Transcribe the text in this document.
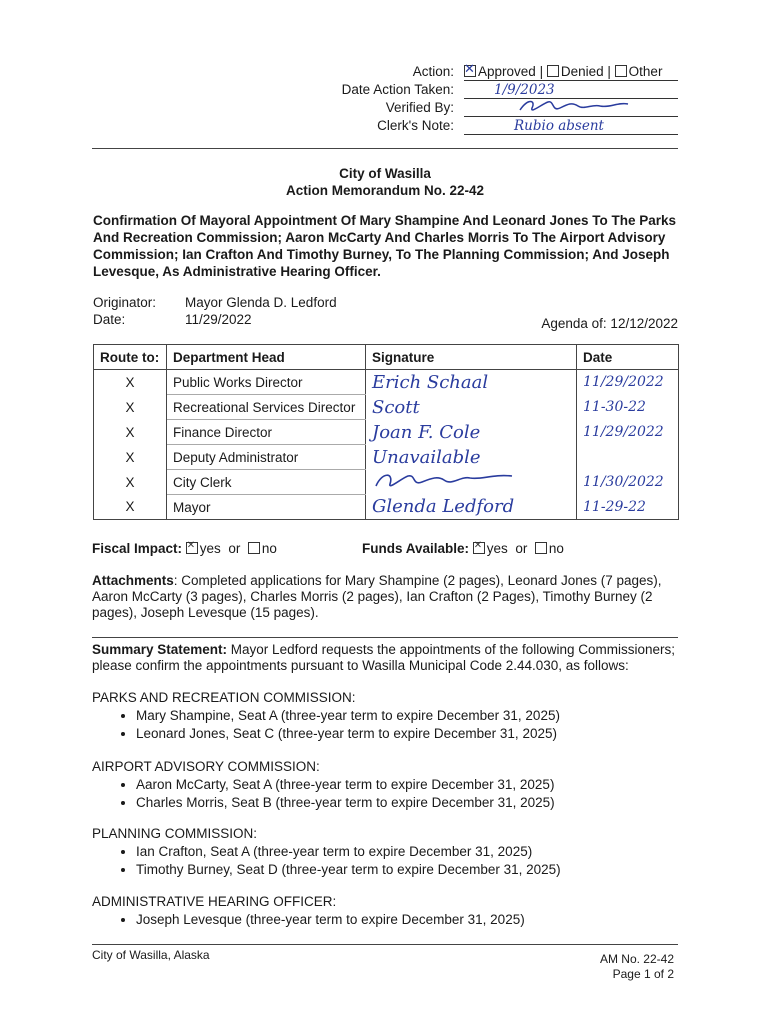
Action: ✕	Approved | Denied | Other
Date Action Taken:	1/9/2023
Verified By:
Clerk's Note:	Rubio absent
City of Wasilla
Action Memorandum No. 22-42
Confirmation Of Mayoral Appointment Of Mary Shampine And Leonard Jones To The Parks And Recreation Commission; Aaron McCarty And Charles Morris To The Airport Advisory Commission; Ian Crafton And Timothy Burney, To The Planning Commission; And Joseph Levesque, As Administrative Hearing Officer.
Originator: Mayor Glenda D. Ledford
Date:	11/29/2022	Agenda of: 12/12/2022
Route to:	Department Head	Signature	Date
X	Public Works Director	Erich Schaal	11/29/2022
X	Recreational Services Director	Scott	11-30-22
X	Finance Director	Joan F. Cole	11/29/2022
X	Deputy Administrator	Unavailable	
X	City Clerk		11/30/2022
X	Mayor	Glenda Ledford	11-29-22
Fiscal Impact: ✕ yes or no	Funds Available: ✕ yes or no
Attachments: Completed applications for Mary Shampine (2 pages), Leonard Jones (7 pages), Aaron McCarty (3 pages), Charles Morris (2 pages), Ian Crafton (2 Pages), Timothy Burney (2 pages), Joseph Levesque (15 pages).
Summary Statement: Mayor Ledford requests the appointments of the following Commissioners; please confirm the appointments pursuant to Wasilla Municipal Code 2.44.030, as follows:
PARKS AND RECREATION COMMISSION:
• Mary Shampine, Seat A (three-year term to expire December 31, 2025)
• Leonard Jones, Seat C (three-year term to expire December 31, 2025)
AIRPORT ADVISORY COMMISSION:
• Aaron McCarty, Seat A (three-year term to expire December 31, 2025)
• Charles Morris, Seat B (three-year term to expire December 31, 2025)
PLANNING COMMISSION:
• Ian Crafton, Seat A (three-year term to expire December 31, 2025)
• Timothy Burney, Seat D (three-year term to expire December 31, 2025)
ADMINISTRATIVE HEARING OFFICER:
• Joseph Levesque (three-year term to expire December 31, 2025)
City of Wasilla, Alaska	AM No. 22-42
Page 1 of 2
